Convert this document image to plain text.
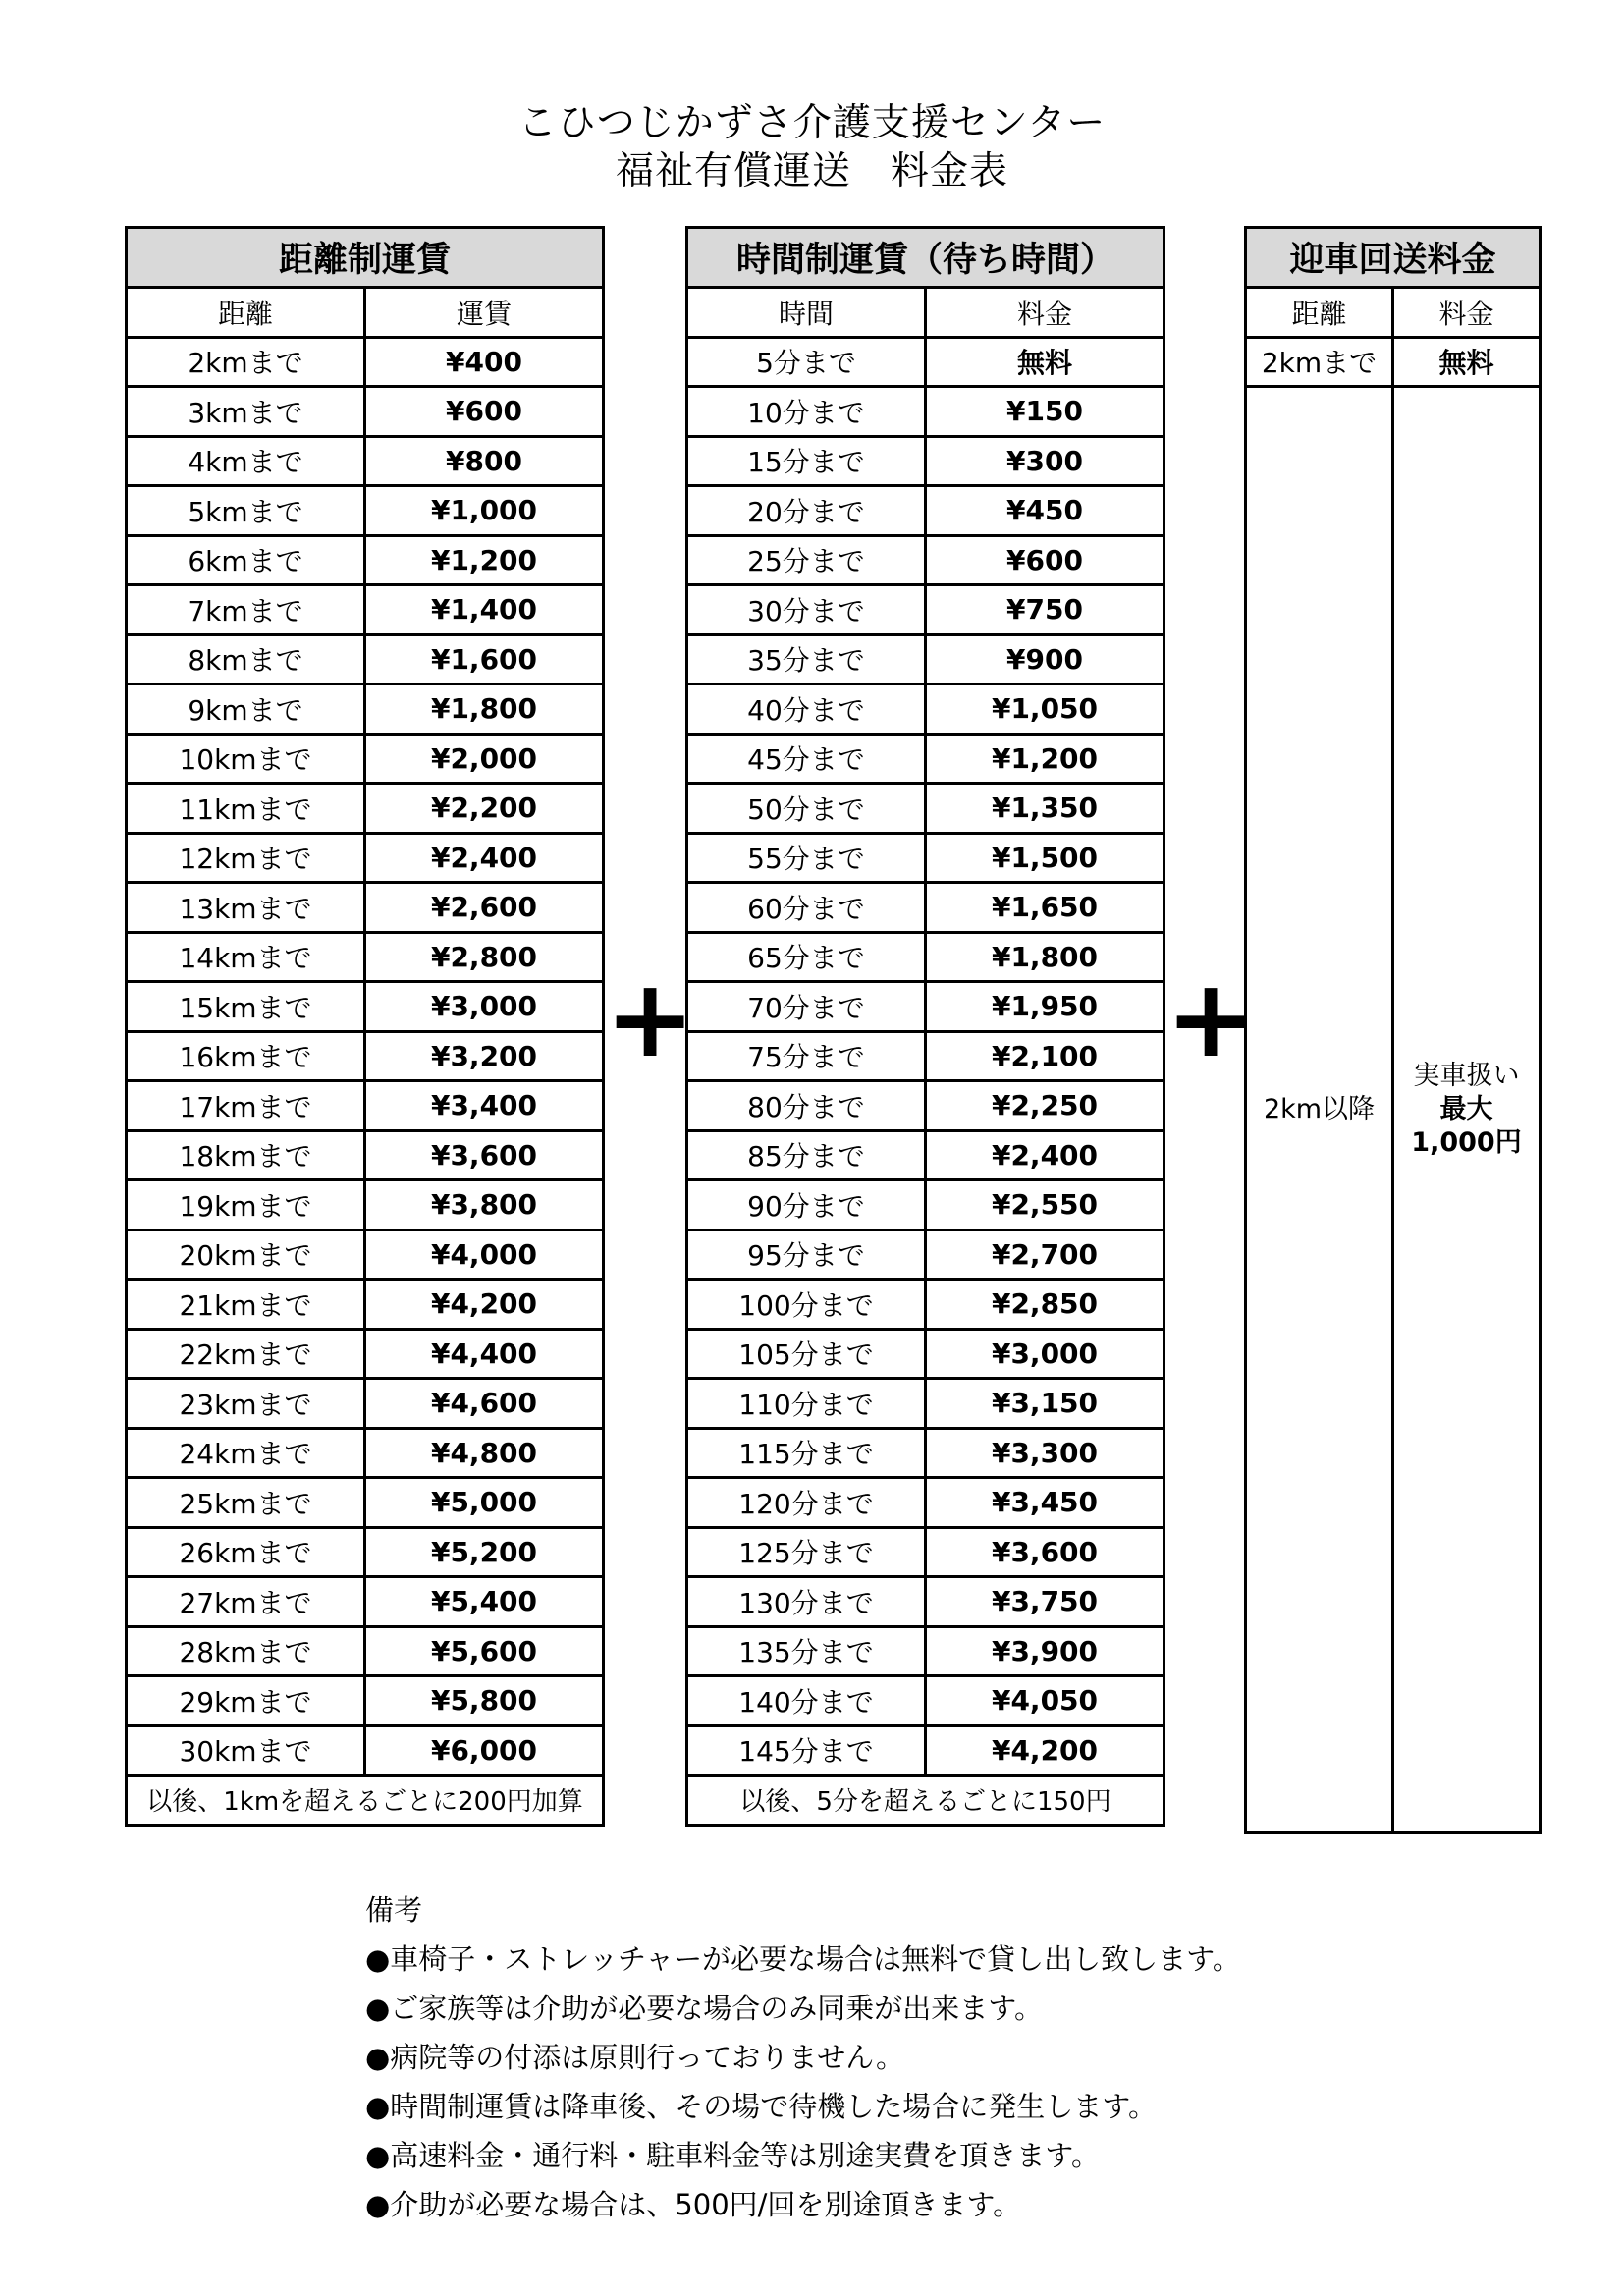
こひつじかずさ介護支援センター
福祉有償運送　料金表
距離制運賃	
距離	運賃
2kmまで	¥400
3kmまで	¥600
4kmまで	¥800
5kmまで	¥1,000
6kmまで	¥1,200
7kmまで	¥1,400
8kmまで	¥1,600
9kmまで	¥1,800
10kmまで	¥2,000
11kmまで	¥2,200
12kmまで	¥2,400
13kmまで	¥2,600
14kmまで	¥2,800
15kmまで	¥3,000
16kmまで	¥3,200
17kmまで	¥3,400
18kmまで	¥3,600
19kmまで	¥3,800
20kmまで	¥4,000
21kmまで	¥4,200
22kmまで	¥4,400
23kmまで	¥4,600
24kmまで	¥4,800
25kmまで	¥5,000
26kmまで	¥5,200
27kmまで	¥5,400
28kmまで	¥5,600
29kmまで	¥5,800
30kmまで	¥6,000
以後、1kmを超えるごとに200円加算	
+
時間制運賃（待ち時間）	
時間	料金
5分まで	無料
10分まで	¥150
15分まで	¥300
20分まで	¥450
25分まで	¥600
30分まで	¥750
35分まで	¥900
40分まで	¥1,050
45分まで	¥1,200
50分まで	¥1,350
55分まで	¥1,500
60分まで	¥1,650
65分まで	¥1,800
70分まで	¥1,950
75分まで	¥2,100
80分まで	¥2,250
85分まで	¥2,400
90分まで	¥2,550
95分まで	¥2,700
100分まで	¥2,850
105分まで	¥3,000
110分まで	¥3,150
115分まで	¥3,300
120分まで	¥3,450
125分まで	¥3,600
130分まで	¥3,750
135分まで	¥3,900
140分まで	¥4,050
145分まで	¥4,200
以後、5分を超えるごとに150円	
+
迎車回送料金	
距離	料金
2kmまで	無料
2km以降	実車扱い
最大
1,000円
備考
●車椅子・ストレッチャーが必要な場合は無料で貸し出し致します。
●ご家族等は介助が必要な場合のみ同乗が出来ます。
●病院等の付添は原則行っておりません。
●時間制運賃は降車後、その場で待機した場合に発生します。
●高速料金・通行料・駐車料金等は別途実費を頂きます。
●介助が必要な場合は、500円/回を別途頂きます。
